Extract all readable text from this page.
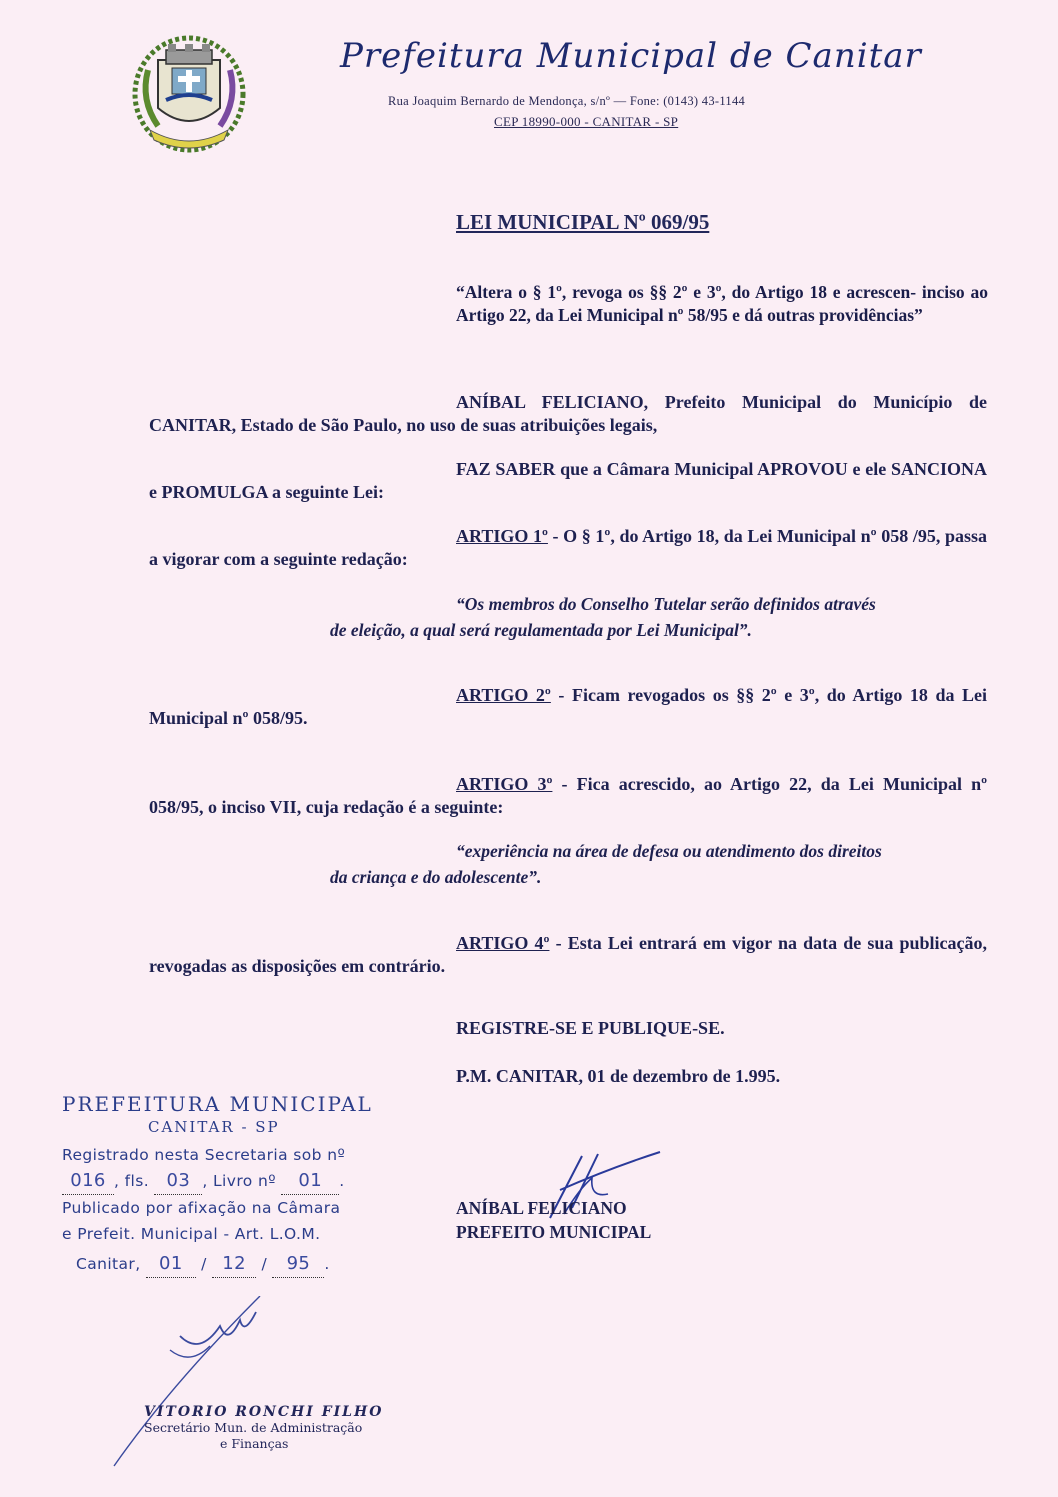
Prefeitura Municipal de Canitar
Rua Joaquim Bernardo de Mendonça, s/nº — Fone: (0143) 43-1144
CEP 18990-000 - CANITAR - SP
LEI MUNICIPAL Nº 069/95
“Altera o § 1º, revoga os §§ 2º e 3º, do Artigo 18 e acrescen- inciso ao Artigo 22, da Lei Municipal nº 58/95 e dá outras providências”
ANÍBAL FELICIANO, Prefeito Municipal do Município de CANITAR, Estado de São Paulo, no uso de suas atribuições legais,
FAZ SABER que a Câmara Municipal APROVOU e ele SANCIONA e PROMULGA a seguinte Lei:
ARTIGO 1º - O § 1º, do Artigo 18, da Lei Municipal nº 058 /95, passa a vigorar com a seguinte redação:
“Os membros do Conselho Tutelar serão definidos através
de eleição, a qual será regulamentada por Lei Municipal”.
ARTIGO 2º - Ficam revogados os §§ 2º e 3º, do Artigo 18 da Lei Municipal nº 058/95.
ARTIGO 3º - Fica acrescido, ao Artigo 22, da Lei Municipal nº 058/95, o inciso VII, cuja redação é a seguinte:
“experiência na área de defesa ou atendimento dos direitos
da criança e do adolescente”.
ARTIGO 4º - Esta Lei entrará em vigor na data de sua publicação, revogadas as disposições em contrário.
REGISTRE-SE E PUBLIQUE-SE.
P.M. CANITAR, 01 de dezembro de 1.995.
ANÍBAL FELICIANO
PREFEITO MUNICIPAL
PREFEITURA MUNICIPAL
CANITAR - SP
Registrado nesta Secretaria sob nº
016 , fls. 03 , Livro nº 01 .
Publicado por afixação na Câmara
e Prefeit. Municipal - Art. L.O.M.
Canitar, 01 / 12 / 95 .
VITORIO RONCHI FILHO
Secretário Mun. de Administração
e Finanças
